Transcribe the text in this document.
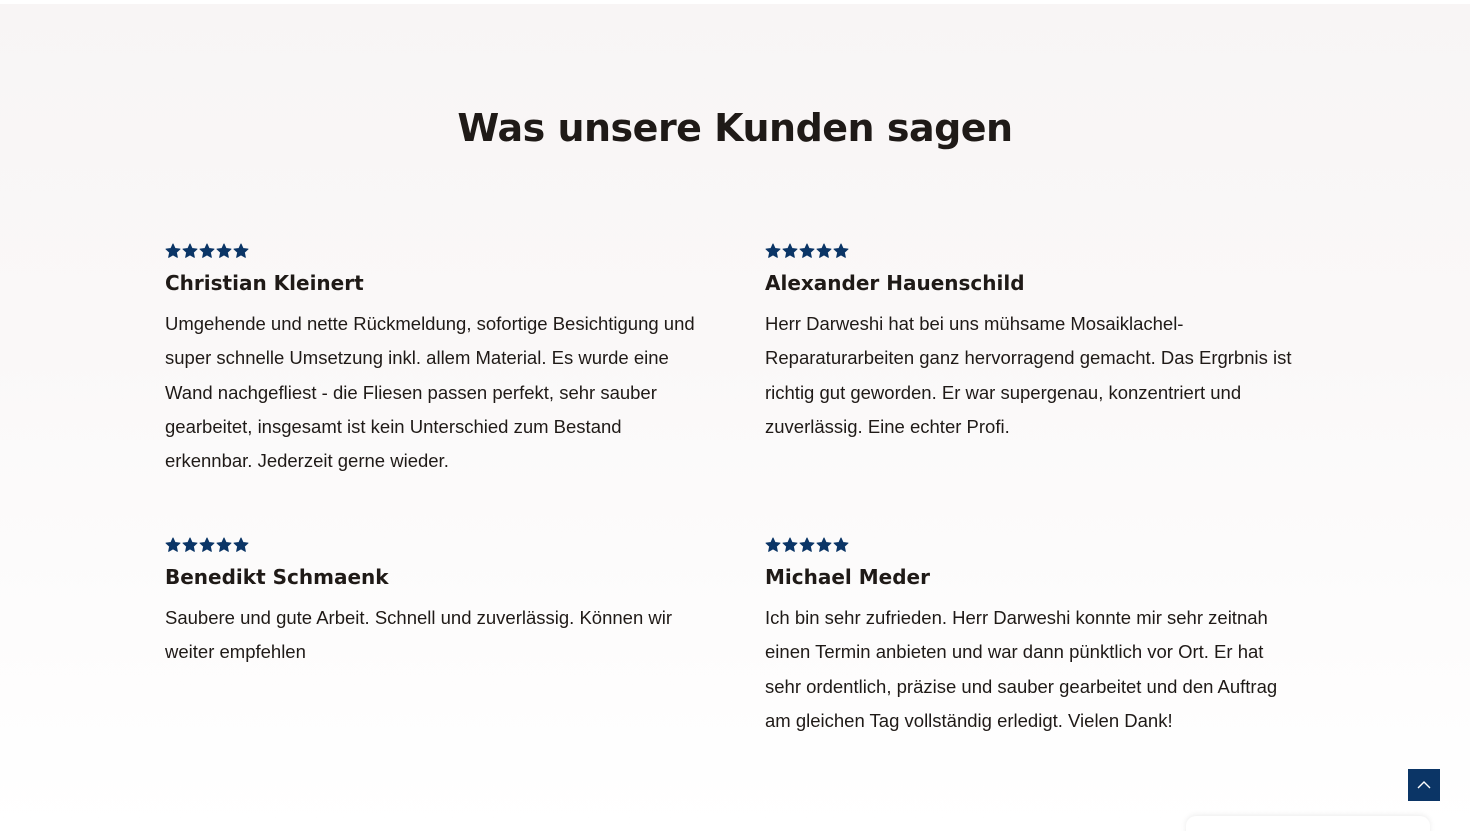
Was unsere Kunden sagen
Christian Kleinert

Umgehende und nette Rückmeldung, sofortige Besichtigung und super schnelle Umsetzung inkl. allem Material. Es wurde eine Wand nachgefliest - die Fliesen passen perfekt, sehr sauber gearbeitet, insgesamt ist kein Unterschied zum Bestand erkennbar. Jederzeit gerne wieder.

Alexander Hauenschild

Herr Darweshi hat bei uns mühsame Mosaiklachel-Reparaturarbeiten ganz hervorragend gemacht. Das Ergrbnis ist richtig gut geworden. Er war supergenau, konzentriert und zuverlässig. Eine echter Profi.

Benedikt Schmaenk

Saubere und gute Arbeit. Schnell und zuverlässig. Können wir weiter empfehlen

Michael Meder

Ich bin sehr zufrieden. Herr Darweshi konnte mir sehr zeitnah einen Termin anbieten und war dann pünktlich vor Ort. Er hat sehr ordentlich, präzise und sauber gearbeitet und den Auftrag am gleichen Tag vollständig erledigt. Vielen Dank!
